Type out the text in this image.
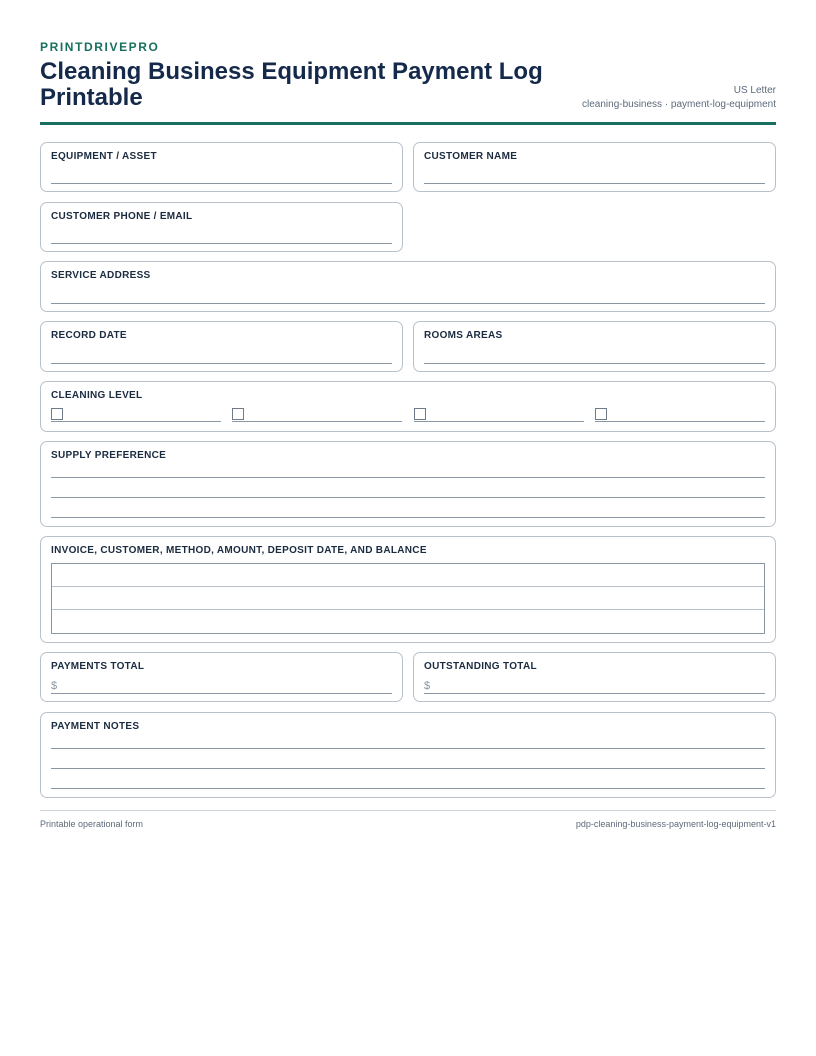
PRINTDRIVEPRO
Cleaning Business Equipment Payment Log Printable	US Letter
cleaning-business · payment-log-equipment
EQUIPMENT / ASSET	CUSTOMER NAME
CUSTOMER PHONE / EMAIL
SERVICE ADDRESS
RECORD DATE	ROOMS AREAS
CLEANING LEVEL
SUPPLY PREFERENCE
INVOICE, CUSTOMER, METHOD, AMOUNT, DEPOSIT DATE, AND BALANCE
PAYMENTS TOTAL
$
OUTSTANDING TOTAL
$
PAYMENT NOTES
Printable operational form	pdp-cleaning-business-payment-log-equipment-v1
